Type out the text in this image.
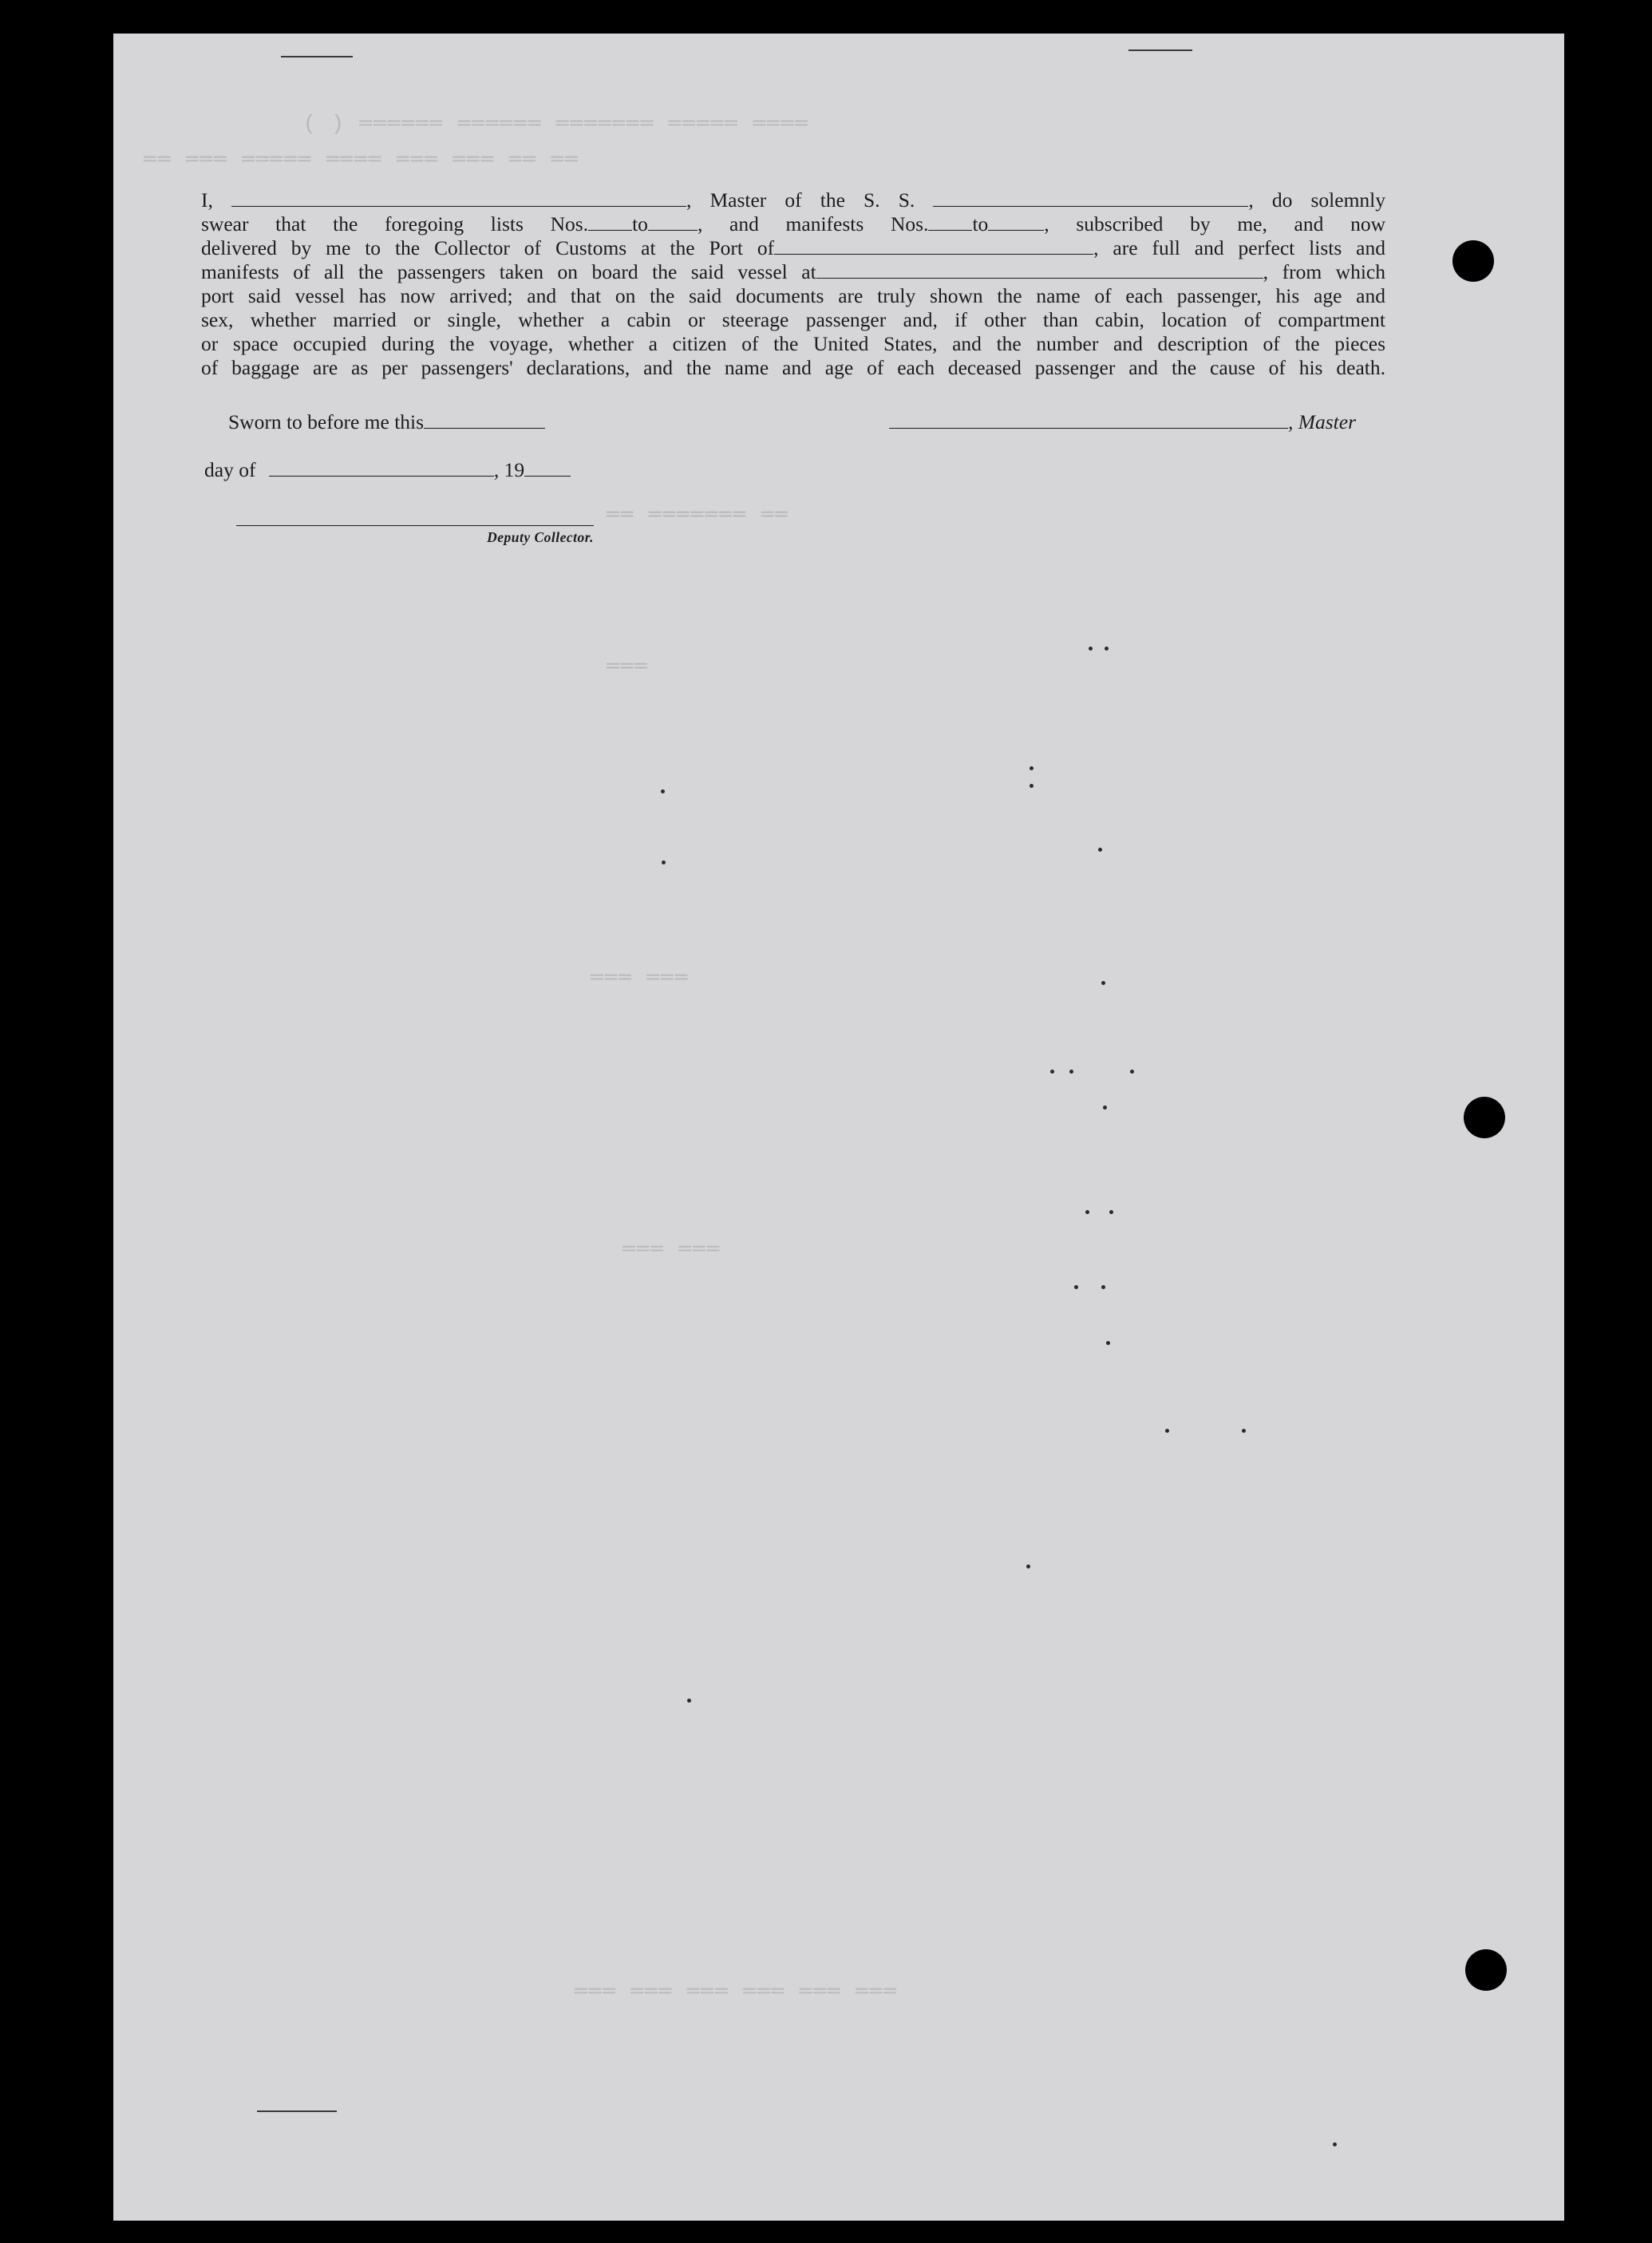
( ) ══════ ══════ ═══════ ═════ ════
══ ═══ ═════ ════ ═══ ═══ ══ ══
══ ═══════ ══
═══
═══ ═══
═══ ═══
═══ ═══ ═══ ═══ ═══ ═══
I,	, Master of the S. S.	, do solemnly
swear that the foregoing lists Nos. to , and manifests Nos. to	, subscribed by me, and now
delivered by me to the Collector of Customs at the Port of	, are full and perfect lists and
manifests of all the passengers taken on board the said vessel at	, from which
port said vessel has now arrived; and that on the said documents are truly shown the name of each passenger, his age and
sex, whether married or single, whether a cabin or steerage passenger and, if other than cabin, location of compartment
or space occupied during the voyage, whether a citizen of the United States, and the number and description of the pieces
of baggage are as per passengers' declarations, and the name and age of each deceased passenger and the cause of his death.
Sworn to before me this
day of	, 19
Deputy Collector.
, Master
